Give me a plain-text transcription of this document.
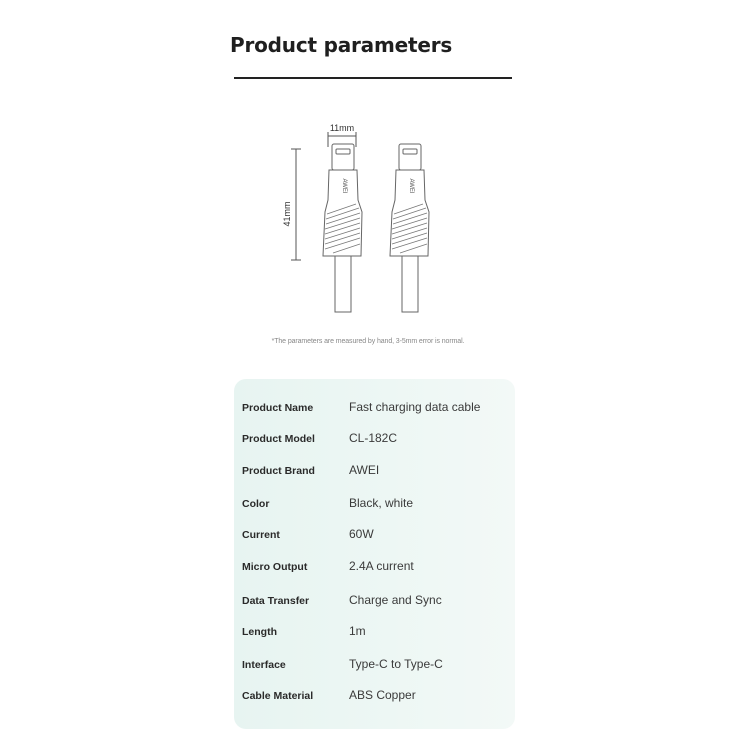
Product parameters
11mm
41mm
AWEI	AWEI
*The parameters are measured by hand, 3-5mm error is normal.
Product Name	Fast charging data cable
Product Model	CL-182C
Product Brand	AWEI
Color	Black, white
Current	60W
Micro Output	2.4A current
Data Transfer	Charge and Sync
Length	1m
Interface	Type-C to Type-C
Cable Material	ABS Copper
